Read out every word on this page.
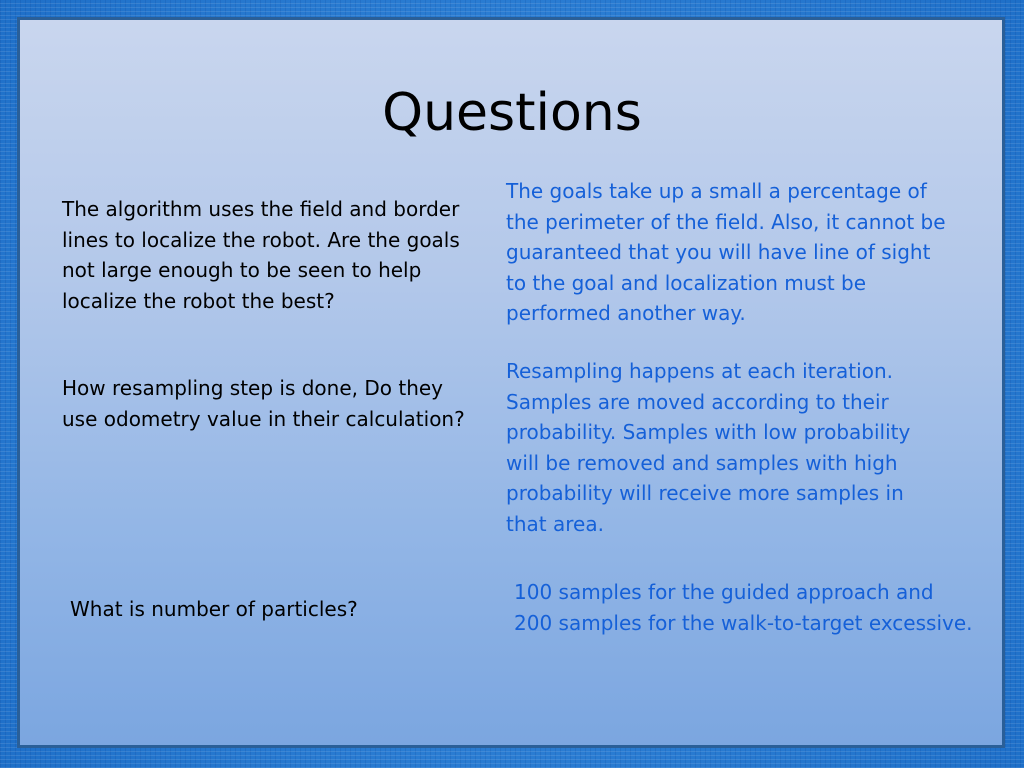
Questions

The algorithm uses the field and border lines to localize the robot. Are the goals not large enough to be seen to help localize the robot the best?

The goals take up a small a percentage of the perimeter of the field. Also, it cannot be guaranteed that you will have line of sight to the goal and localization must be performed another way.

How resampling step is done, Do they use odometry value in their calculation?

Resampling happens at each iteration. Samples are moved according to their probability. Samples with low probability will be removed and samples with high probability will receive more samples in that area.

What is number of particles?

100 samples for the guided approach and 200 samples for the walk-to-target excessive.
